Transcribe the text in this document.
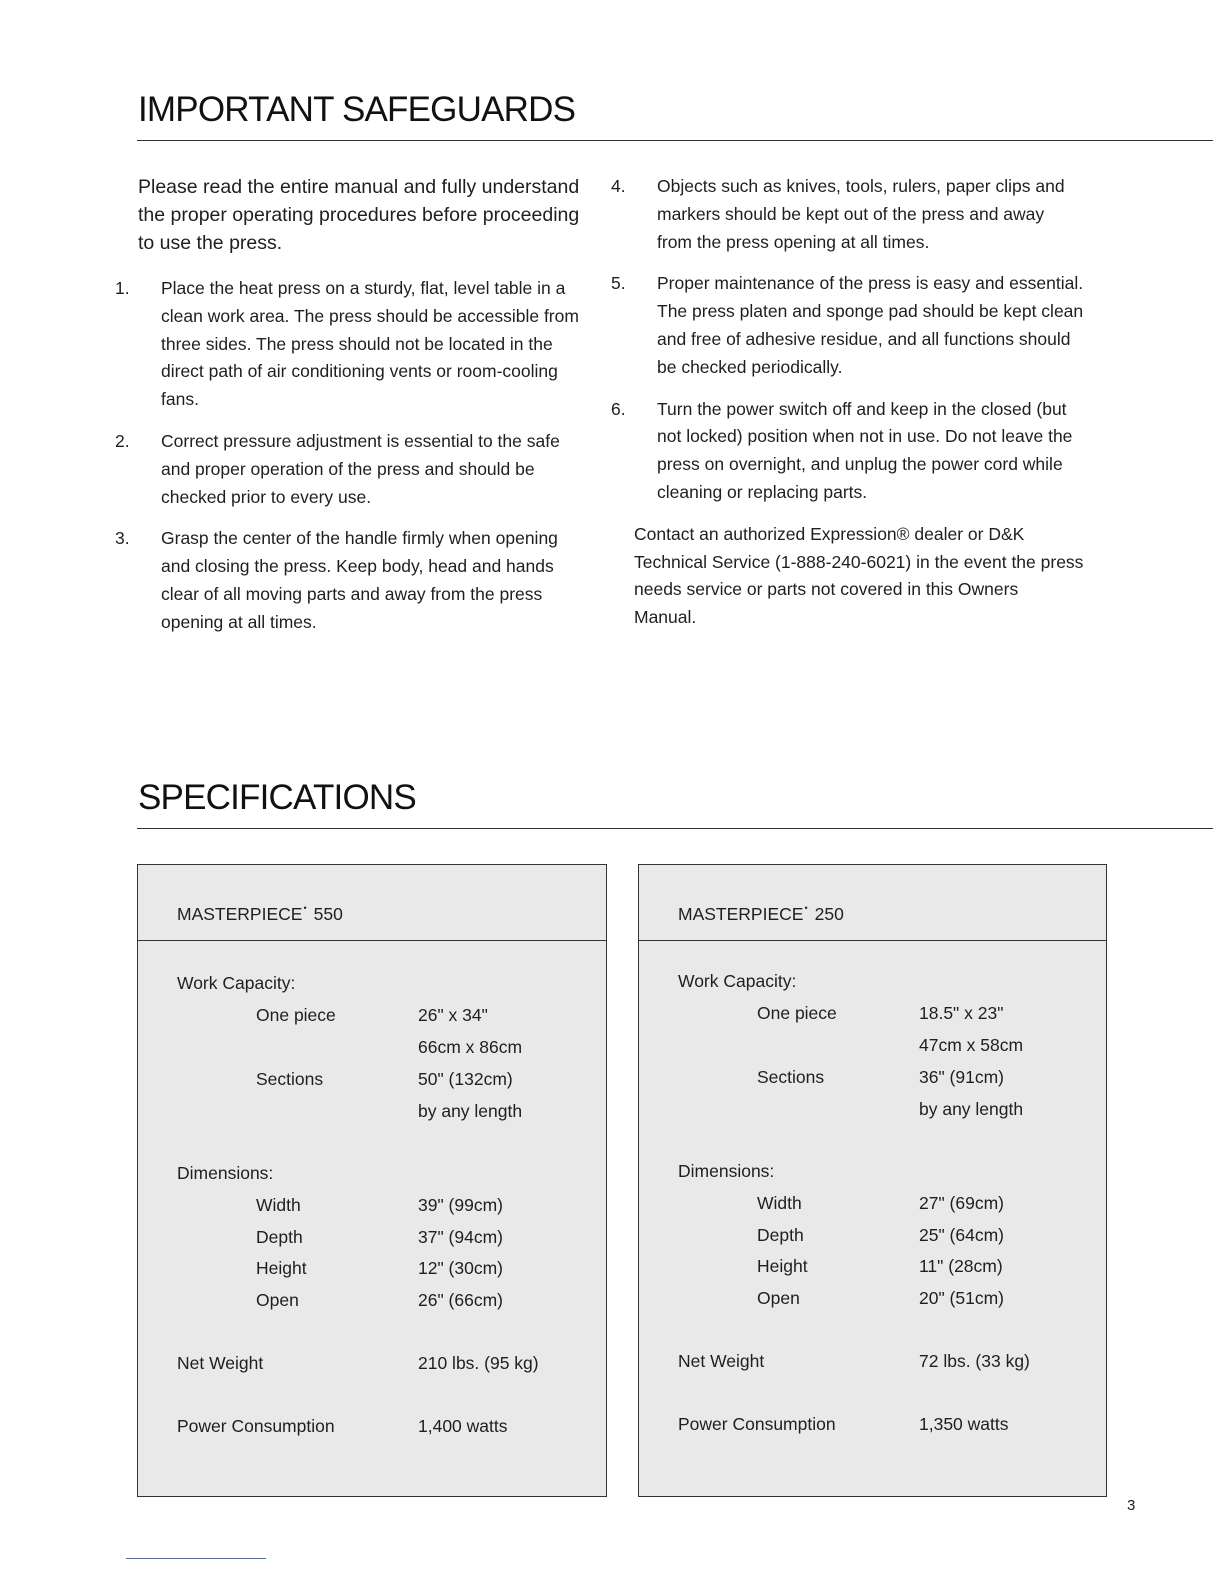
IMPORTANT SAFEGUARDS

Please read the entire manual and fully understand the proper operating procedures before proceeding to use the press.

1. Place the heat press on a sturdy, flat, level table in a clean work area. The press should be accessible from three sides. The press should not be located in the direct path of air conditioning vents or room-cooling fans.

2. Correct pressure adjustment is essential to the safe and proper operation of the press and should be checked prior to every use.

3. Grasp the center of the handle firmly when opening and closing the press. Keep body, head and hands clear of all moving parts and away from the press opening at all times.

4. Objects such as knives, tools, rulers, paper clips and markers should be kept out of the press and away from the press opening at all times.

5. Proper maintenance of the press is easy and essential. The press platen and sponge pad should be kept clean and free of adhesive residue, and all functions should be checked periodically.

6. Turn the power switch off and keep in the closed (but not locked) position when not in use. Do not leave the press on overnight, and unplug the power cord while cleaning or replacing parts.

Contact an authorized Expression® dealer or D&K Technical Service (1-888-240-6021) in the event the press needs service or parts not covered in this Owners Manual.

SPECIFICATIONS
MASTERPIECE• 550
Work Capacity:
One piece	26" x 34"
66cm x 86cm
Sections	50" (132cm)
by any length
Dimensions:
Width	39" (99cm)
Depth	37" (94cm)
Height	12" (30cm)
Open	26" (66cm)
Net Weight	210 lbs. (95 kg)
Power Consumption	1,400 watts
MASTERPIECE• 250
Work Capacity:
One piece	18.5" x 23"
47cm x 58cm
Sections	36" (91cm)
by any length
Dimensions:
Width	27" (69cm)
Depth	25" (64cm)
Height	11" (28cm)
Open	20" (51cm)
Net Weight	72 lbs. (33 kg)
Power Consumption	1,350 watts
3
